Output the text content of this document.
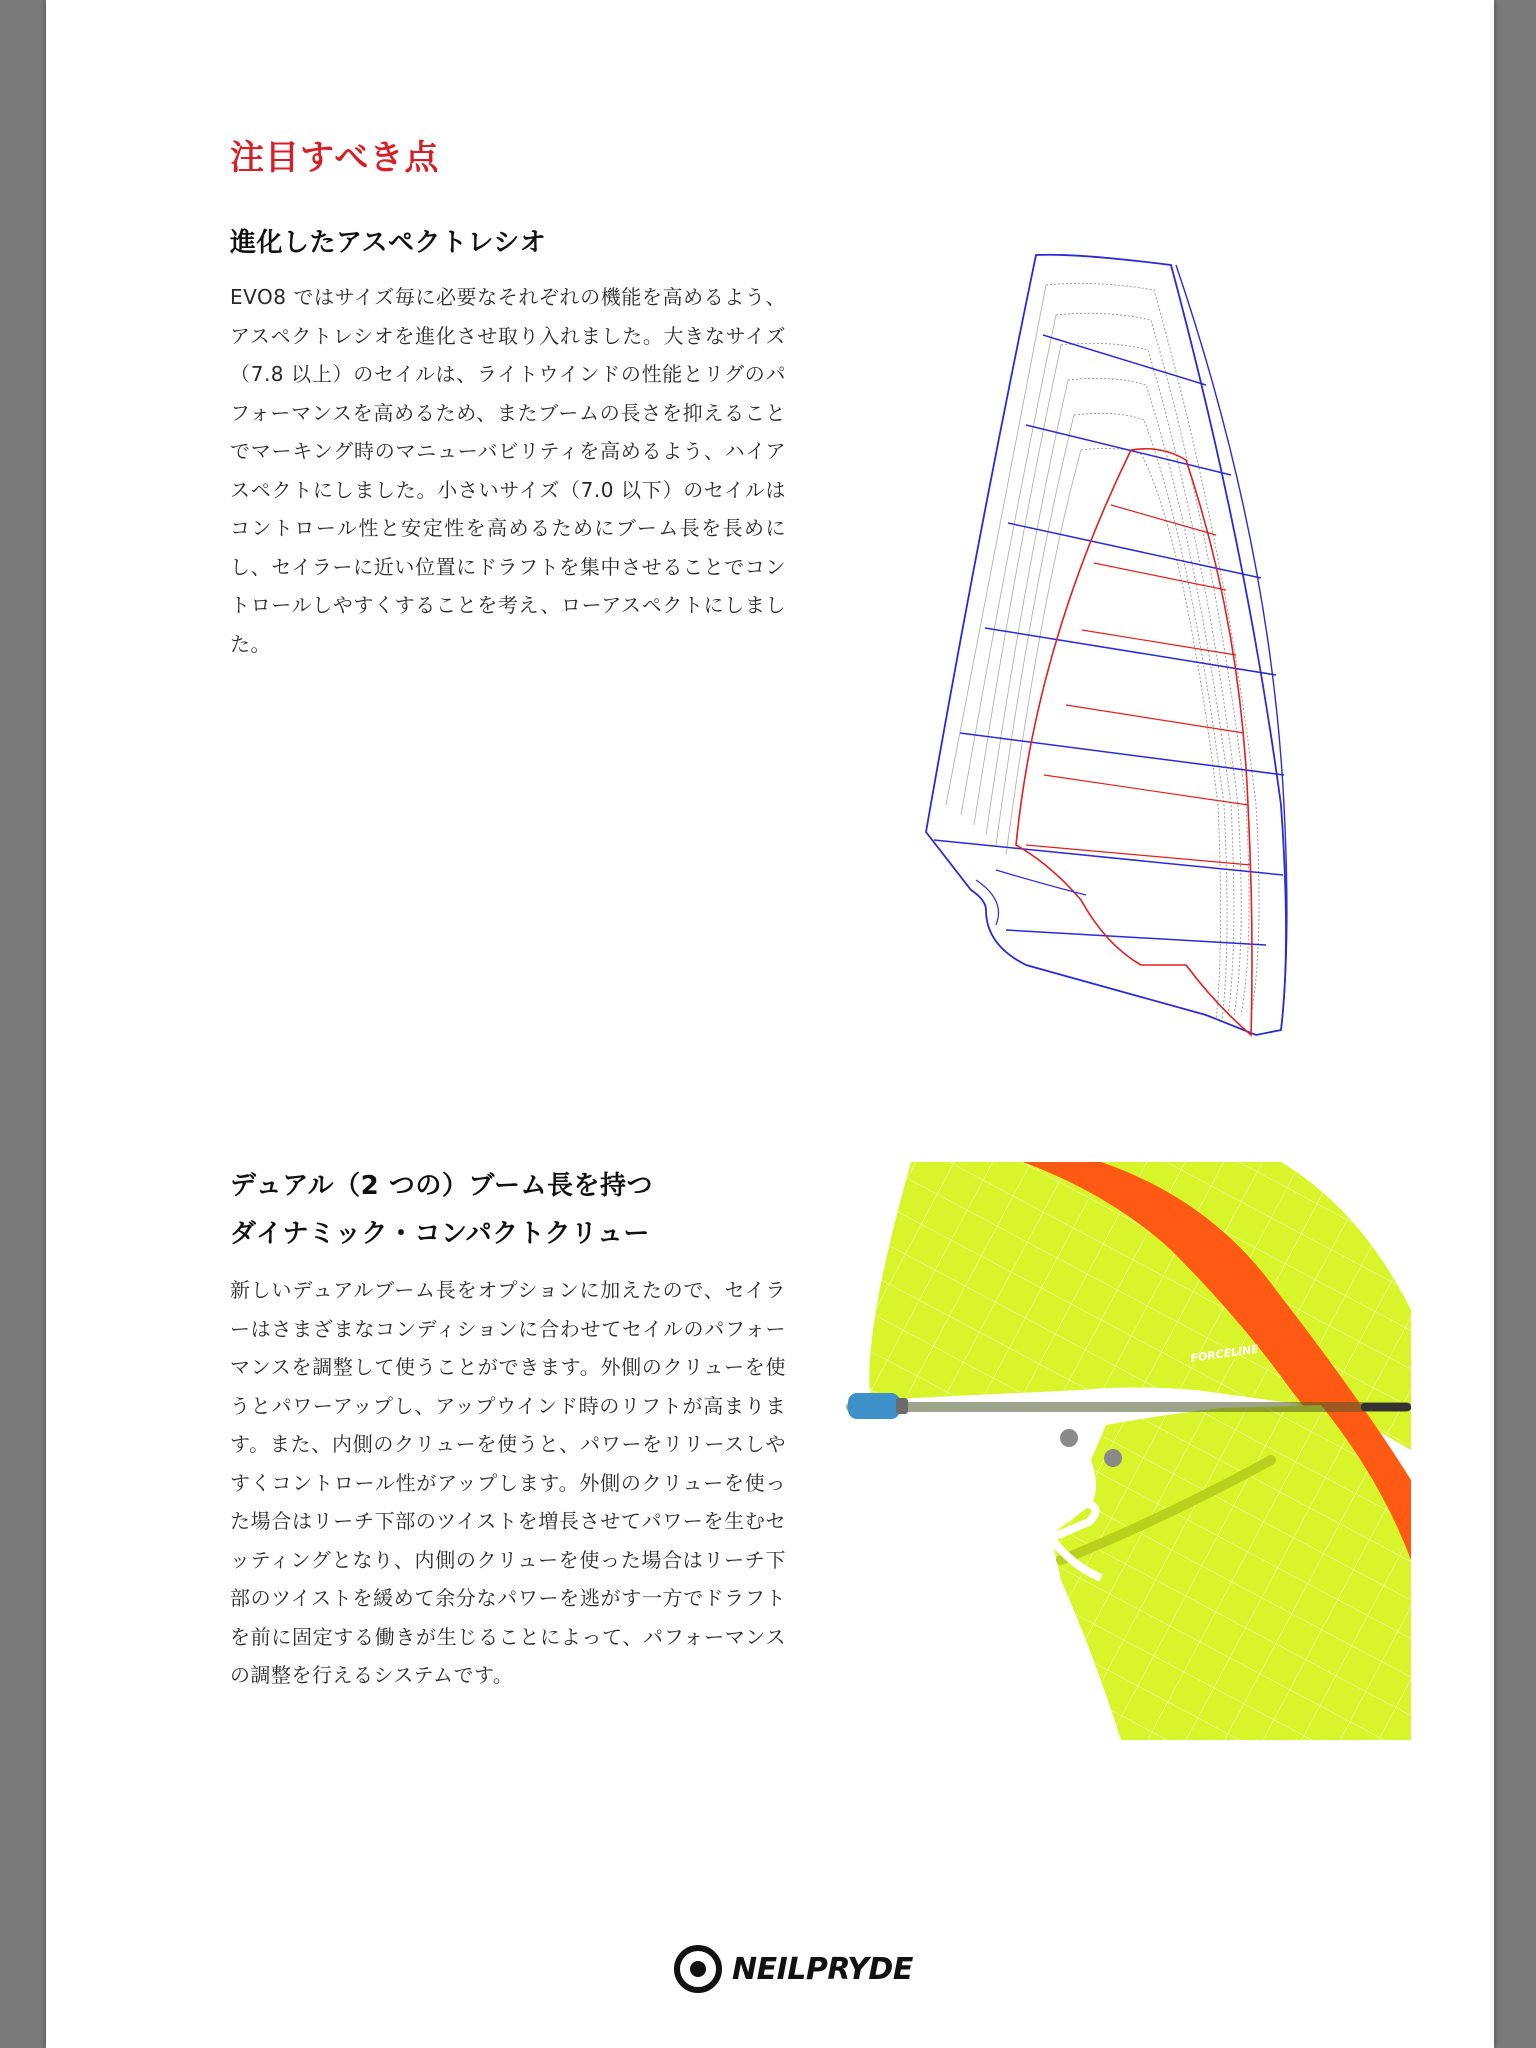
注目すべき点
進化したアスペクトレシオ
EVO8 ではサイズ毎に必要なそれぞれの機能を高めるよう、アスペクトレシオを進化させ取り入れました。大きなサイズ（7.8 以上）のセイルは、ライトウインドの性能とリグのパフォーマンスを高めるため、またブームの長さを抑えることでマーキング時のマニューバビリティを高めるよう、ハイアスペクトにしました。小さいサイズ（7.0 以下）のセイルはコントロール性と安定性を高めるためにブーム長を長めにし、セイラーに近い位置にドラフトを集中させることでコントロールしやすくすることを考え、ローアスペクトにしました。
デュアル（2 つの）ブーム長を持つ
ダイナミック・コンパクトクリュー
新しいデュアルブーム長をオプションに加えたので、セイラーはさまざまなコンディションに合わせてセイルのパフォーマンスを調整して使うことができます。外側のクリューを使うとパワーアップし、アップウインド時のリフトが高まります。また、内側のクリューを使うと、パワーをリリースしやすくコントロール性がアップします。外側のクリューを使った場合はリーチ下部のツイストを増長させてパワーを生むセッティングとなり、内側のクリューを使った場合はリーチ下部のツイストを緩めて余分なパワーを逃がす一方でドラフトを前に固定する働きが生じることによって、パフォーマンスの調整を行えるシステムです。
FORCELINE
NEILPRYDE
